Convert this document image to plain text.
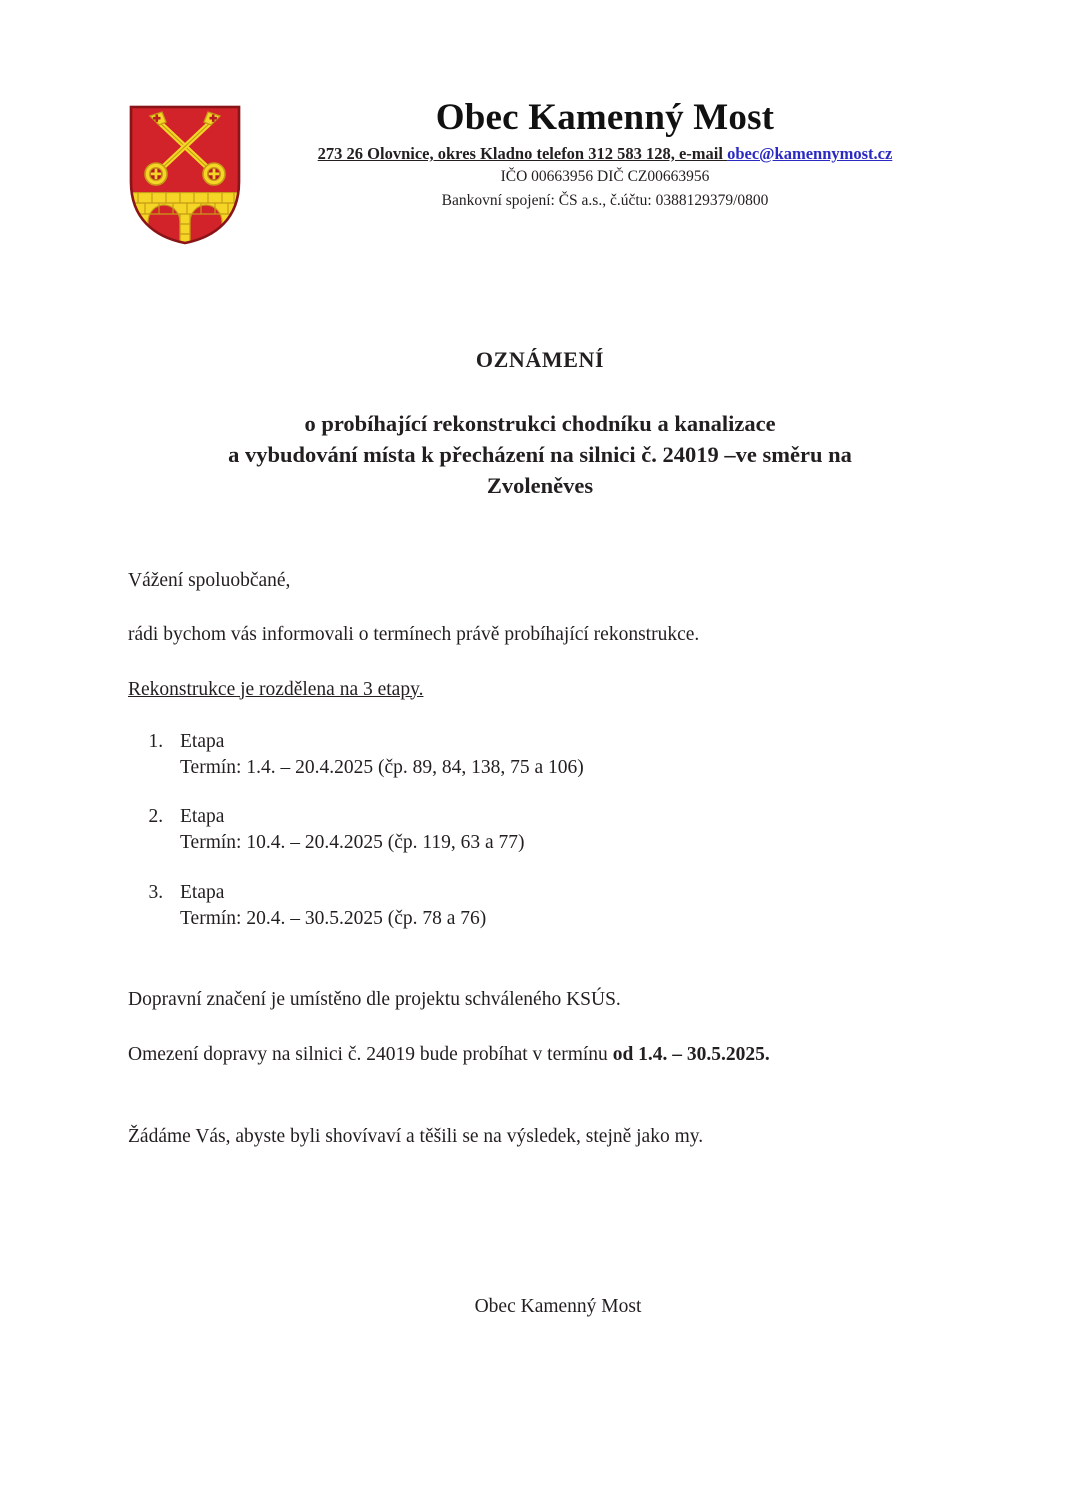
Obec Kamenný Most

273 26 Olovnice, okres Kladno telefon 312 583 128, e-mail obec@kamennymost.cz

IČO 00663956 DIČ CZ00663956

Bankovní spojení: ČS a.s., č.účtu: 0388129379/0800

OZNÁMENÍ
o probíhající rekonstrukci chodníku a kanalizace
a vybudování místa k přecházení na silnici č. 24019 –ve směru na
Zvoleněves

Vážení spoluobčané,

rádi bychom vás informovali o termínech právě probíhající rekonstrukce.

Rekonstrukce je rozdělena na 3 etapy.

1. Etapa
Termín: 1.4. – 20.4.2025 (čp. 89, 84, 138, 75 a 106)
2. Etapa
Termín: 10.4. – 20.4.2025 (čp. 119, 63 a 77)
3. Etapa
Termín: 20.4. – 30.5.2025 (čp. 78 a 76)

Dopravní značení je umístěno dle projektu schváleného KSÚS.

Omezení dopravy na silnici č. 24019 bude probíhat v termínu od 1.4. – 30.5.2025.

Žádáme Vás, abyste byli shovívaví a těšili se na výsledek, stejně jako my.

Obec Kamenný Most
